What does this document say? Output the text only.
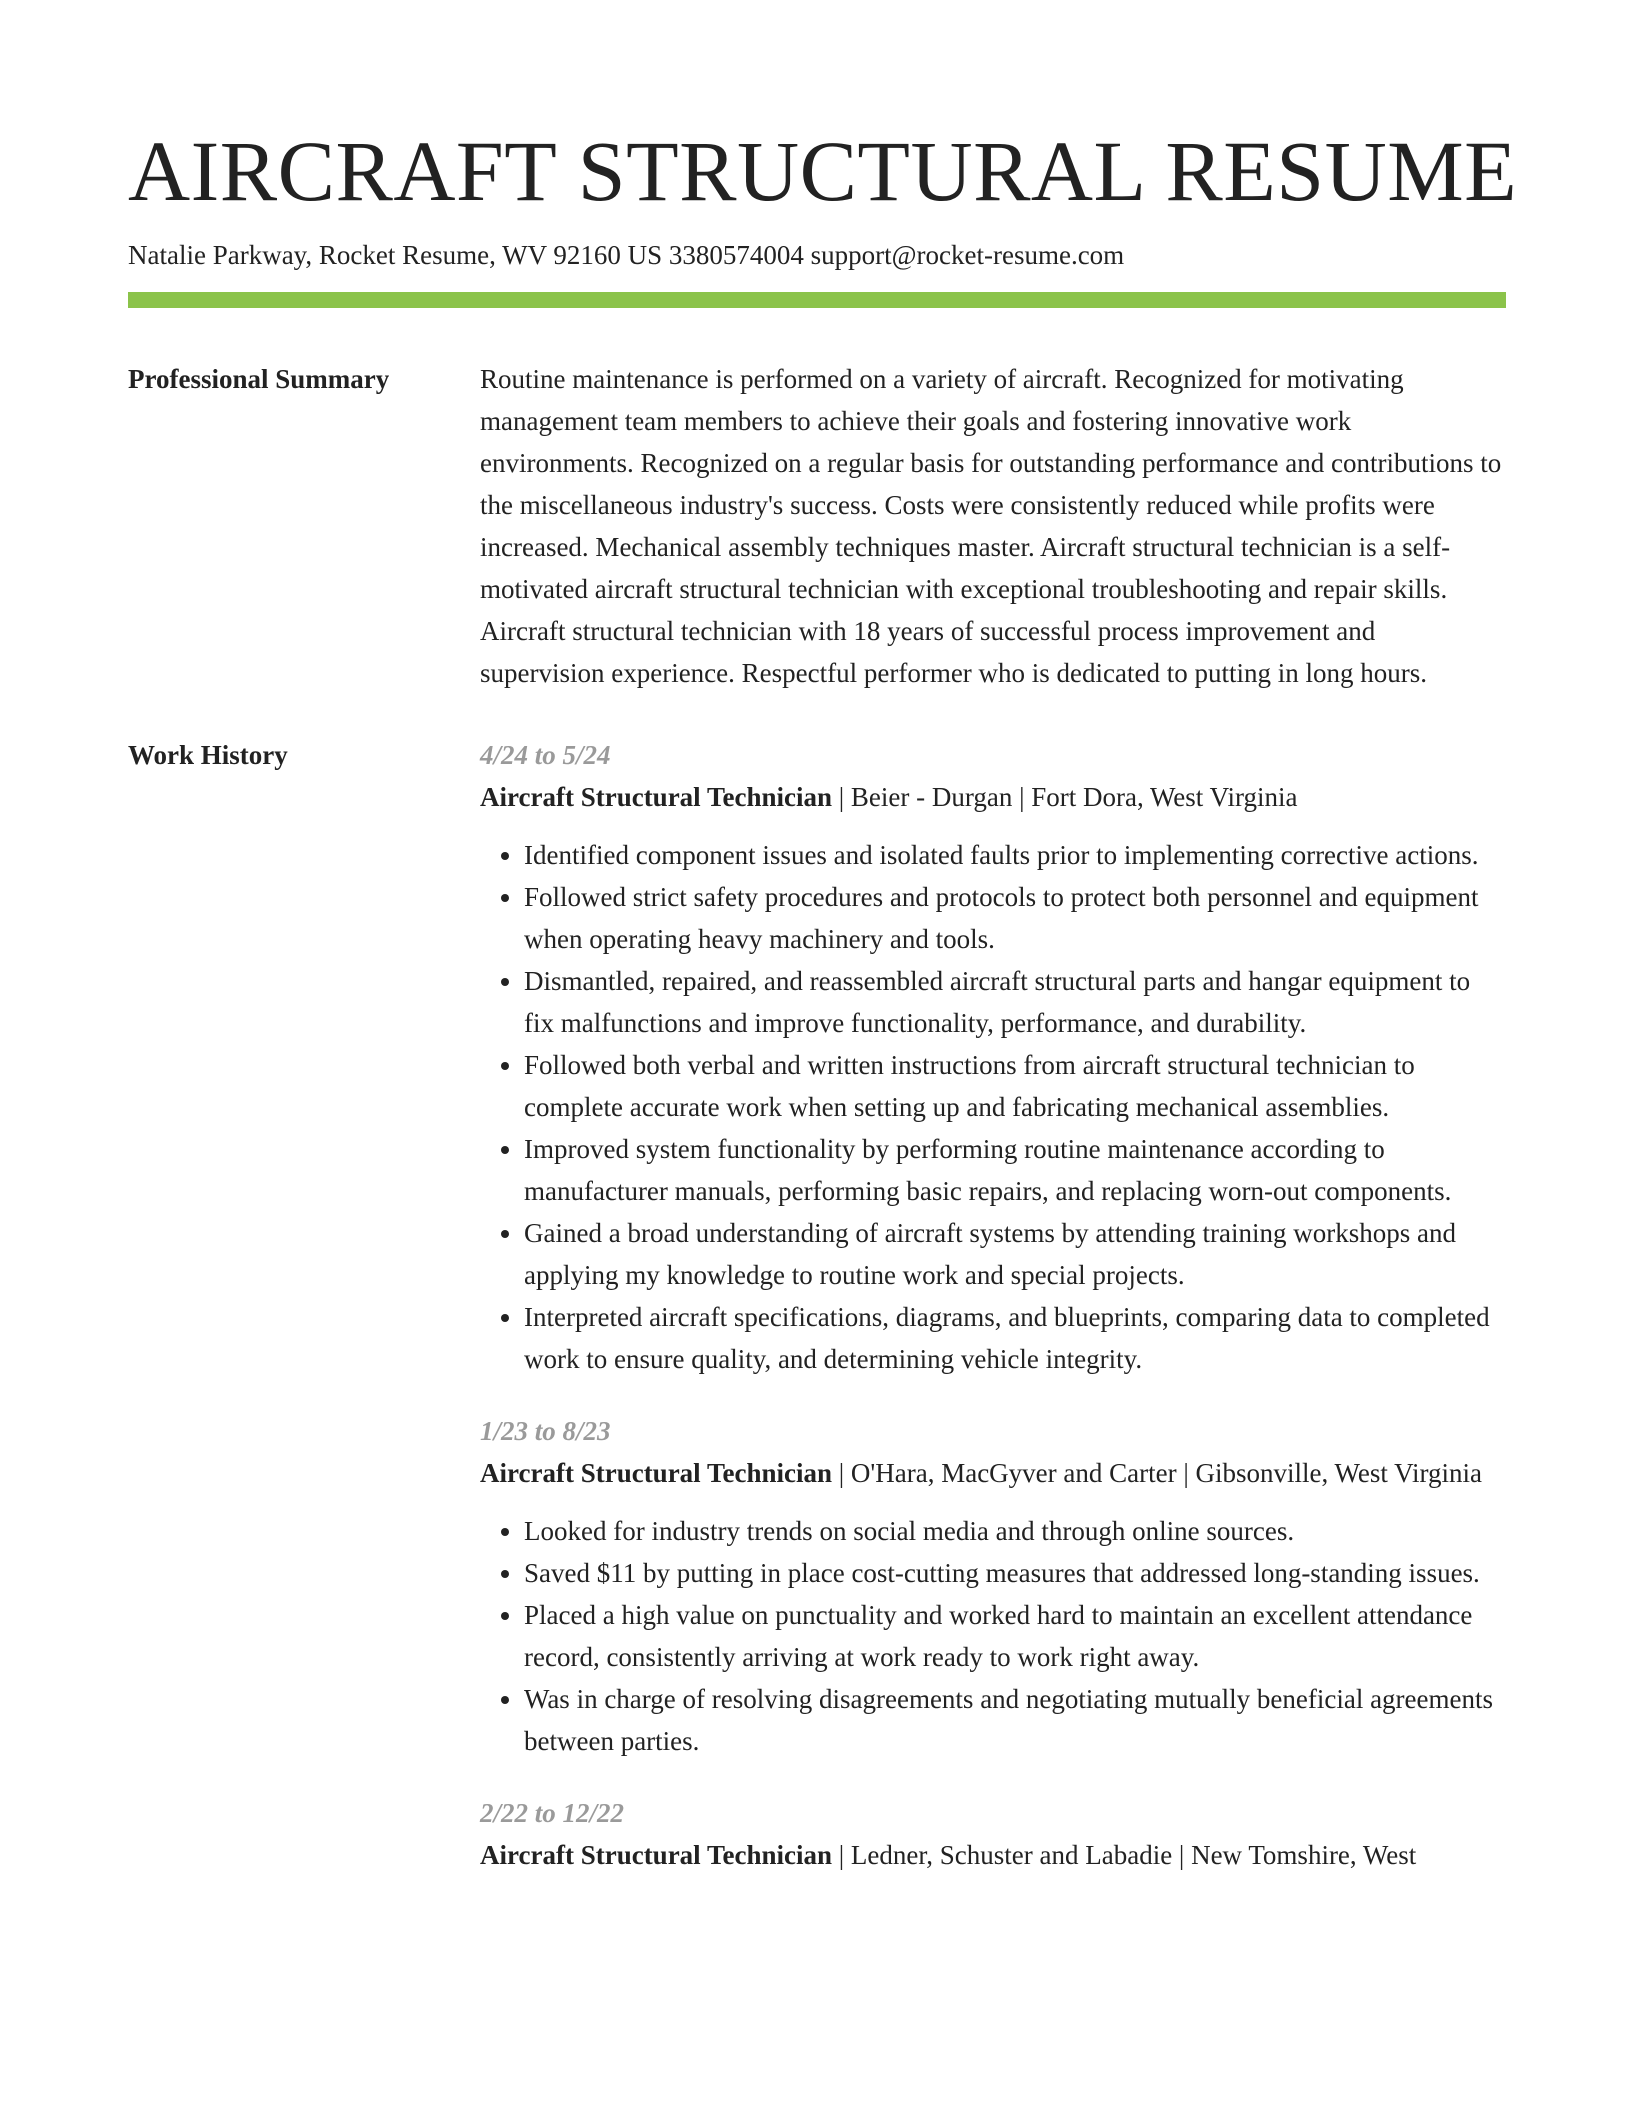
AIRCRAFT STRUCTURAL RESUME
Natalie Parkway, Rocket Resume, WV 92160 US 3380574004 support@rocket-resume.com
Professional Summary	Routine maintenance is performed on a variety of aircraft. Recognized for motivating management team members to achieve their goals and fostering innovative work environments. Recognized on a regular basis for outstanding performance and contributions to the miscellaneous industry's success. Costs were consistently reduced while profits were increased. Mechanical assembly techniques master. Aircraft structural technician is a self-motivated aircraft structural technician with exceptional troubleshooting and repair skills. Aircraft structural technician with 18 years of successful process improvement and supervision experience. Respectful performer who is dedicated to putting in long hours.

Work History	4/24 to 5/24
Aircraft Structural Technician | Beier - Durgan | Fort Dora, West Virginia
• Identified component issues and isolated faults prior to implementing corrective actions.
• Followed strict safety procedures and protocols to protect both personnel and equipment when operating heavy machinery and tools.
• Dismantled, repaired, and reassembled aircraft structural parts and hangar equipment to fix malfunctions and improve functionality, performance, and durability.
• Followed both verbal and written instructions from aircraft structural technician to complete accurate work when setting up and fabricating mechanical assemblies.
• Improved system functionality by performing routine maintenance according to manufacturer manuals, performing basic repairs, and replacing worn-out components.
• Gained a broad understanding of aircraft systems by attending training workshops and applying my knowledge to routine work and special projects.
• Interpreted aircraft specifications, diagrams, and blueprints, comparing data to completed work to ensure quality, and determining vehicle integrity.
1/23 to 8/23
Aircraft Structural Technician | O'Hara, MacGyver and Carter | Gibsonville, West Virginia
• Looked for industry trends on social media and through online sources.
• Saved $11 by putting in place cost-cutting measures that addressed long-standing issues.
• Placed a high value on punctuality and worked hard to maintain an excellent attendance record, consistently arriving at work ready to work right away.
• Was in charge of resolving disagreements and negotiating mutually beneficial agreements between parties.
2/22 to 12/22
Aircraft Structural Technician | Ledner, Schuster and Labadie | New Tomshire, West
